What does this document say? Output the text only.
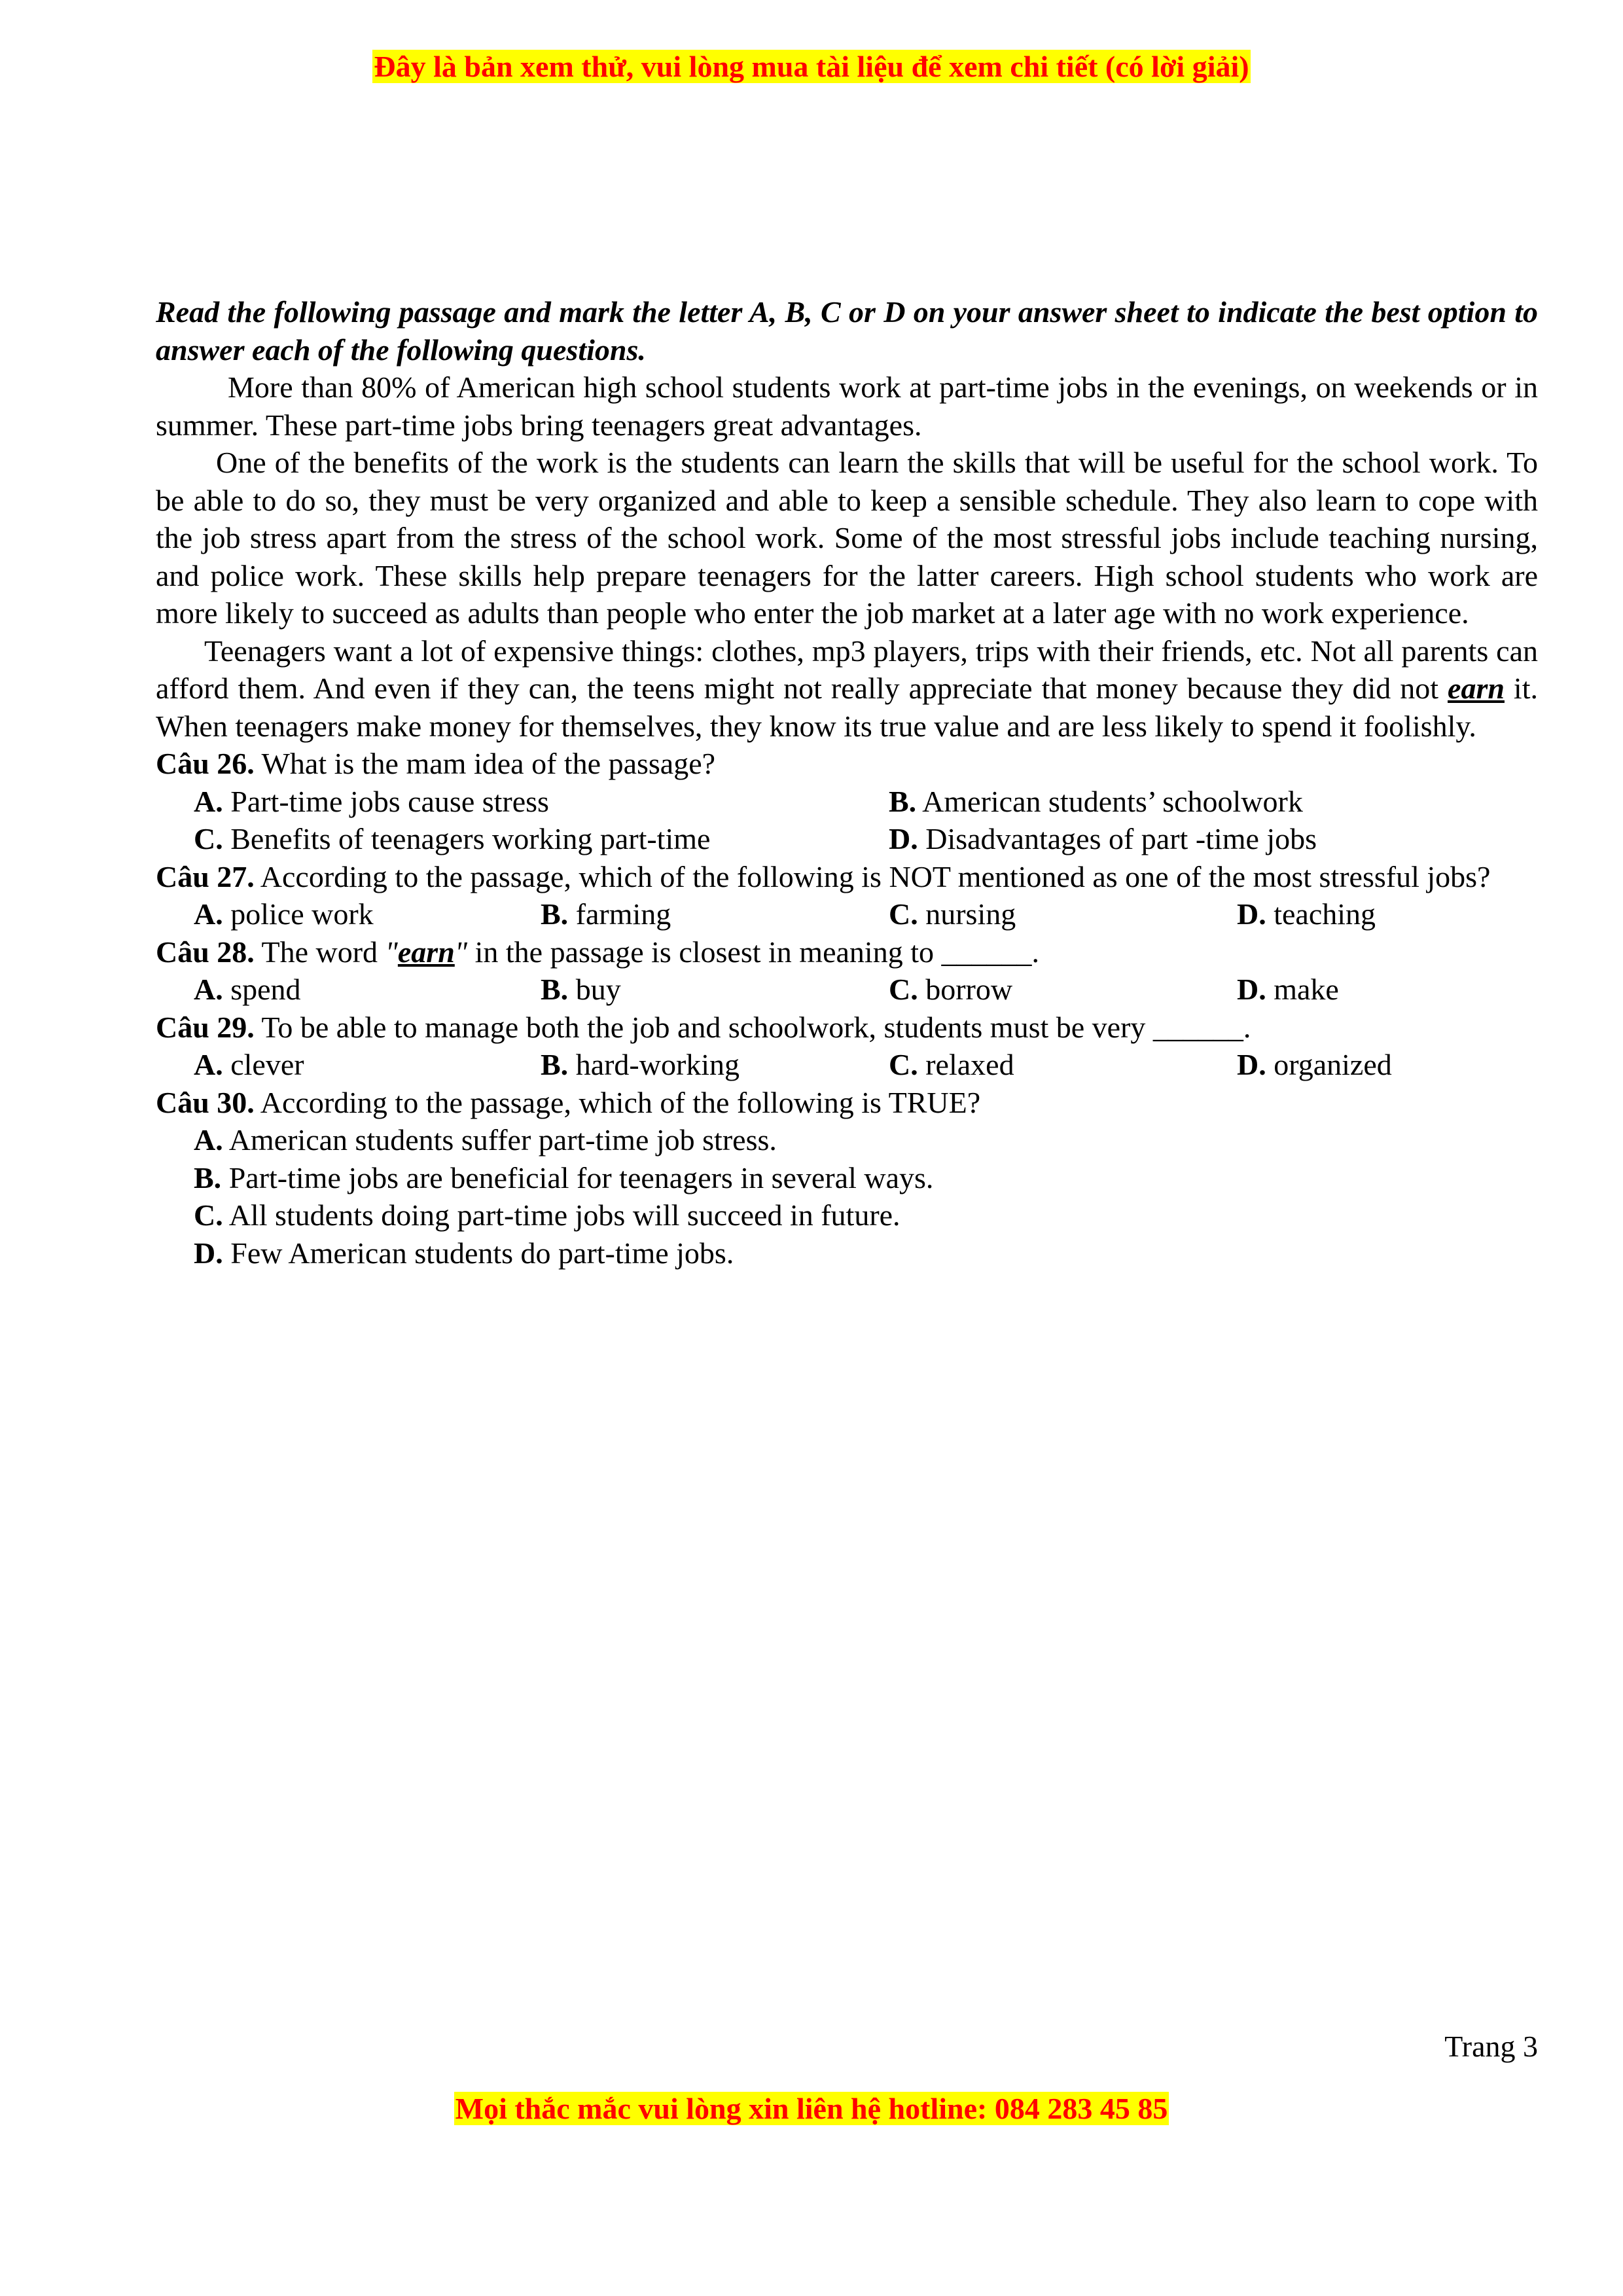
Đây là bản xem thử, vui lòng mua tài liệu để xem chi tiết (có lời giải)

Read the following passage and mark the letter A, B, C or D on your answer sheet to indicate the best option to answer each of the following questions.

More than 80% of American high school students work at part-time jobs in the evenings, on weekends or in summer. These part-time jobs bring teenagers great advantages.

One of the benefits of the work is the students can learn the skills that will be useful for the school work. To be able to do so, they must be very organized and able to keep a sensible schedule. They also learn to cope with the job stress apart from the stress of the school work. Some of the most stressful jobs include teaching nursing, and police work. These skills help prepare teenagers for the latter careers. High school students who work are more likely to succeed as adults than people who enter the job market at a later age with no work experience.

Teenagers want a lot of expensive things: clothes, mp3 players, trips with their friends, etc. Not all parents can afford them. And even if they can, the teens might not really appreciate that money because they did not earn it. When teenagers make money for themselves, they know its true value and are less likely to spend it foolishly.

Câu 26. What is the mam idea of the passage?

A. Part-time jobs cause stress	B. American students’ schoolwork
C. Benefits of teenagers working part-time	D. Disadvantages of part -time jobs

Câu 27. According to the passage, which of the following is NOT mentioned as one of the most stressful jobs?

A. police work	B. farming	C. nursing	D. teaching

Câu 28. The word "earn" in the passage is closest in meaning to ______.

A. spend	B. buy	C. borrow	D. make

Câu 29. To be able to manage both the job and schoolwork, students must be very ______.

A. clever	B. hard-working	C. relaxed	D. organized

Câu 30. According to the passage, which of the following is TRUE?

A. American students suffer part-time job stress.

B. Part-time jobs are beneficial for teenagers in several ways.

C. All students doing part-time jobs will succeed in future.

D. Few American students do part-time jobs.

Trang 3
Mọi thắc mắc vui lòng xin liên hệ hotline: 084 283 45 85
